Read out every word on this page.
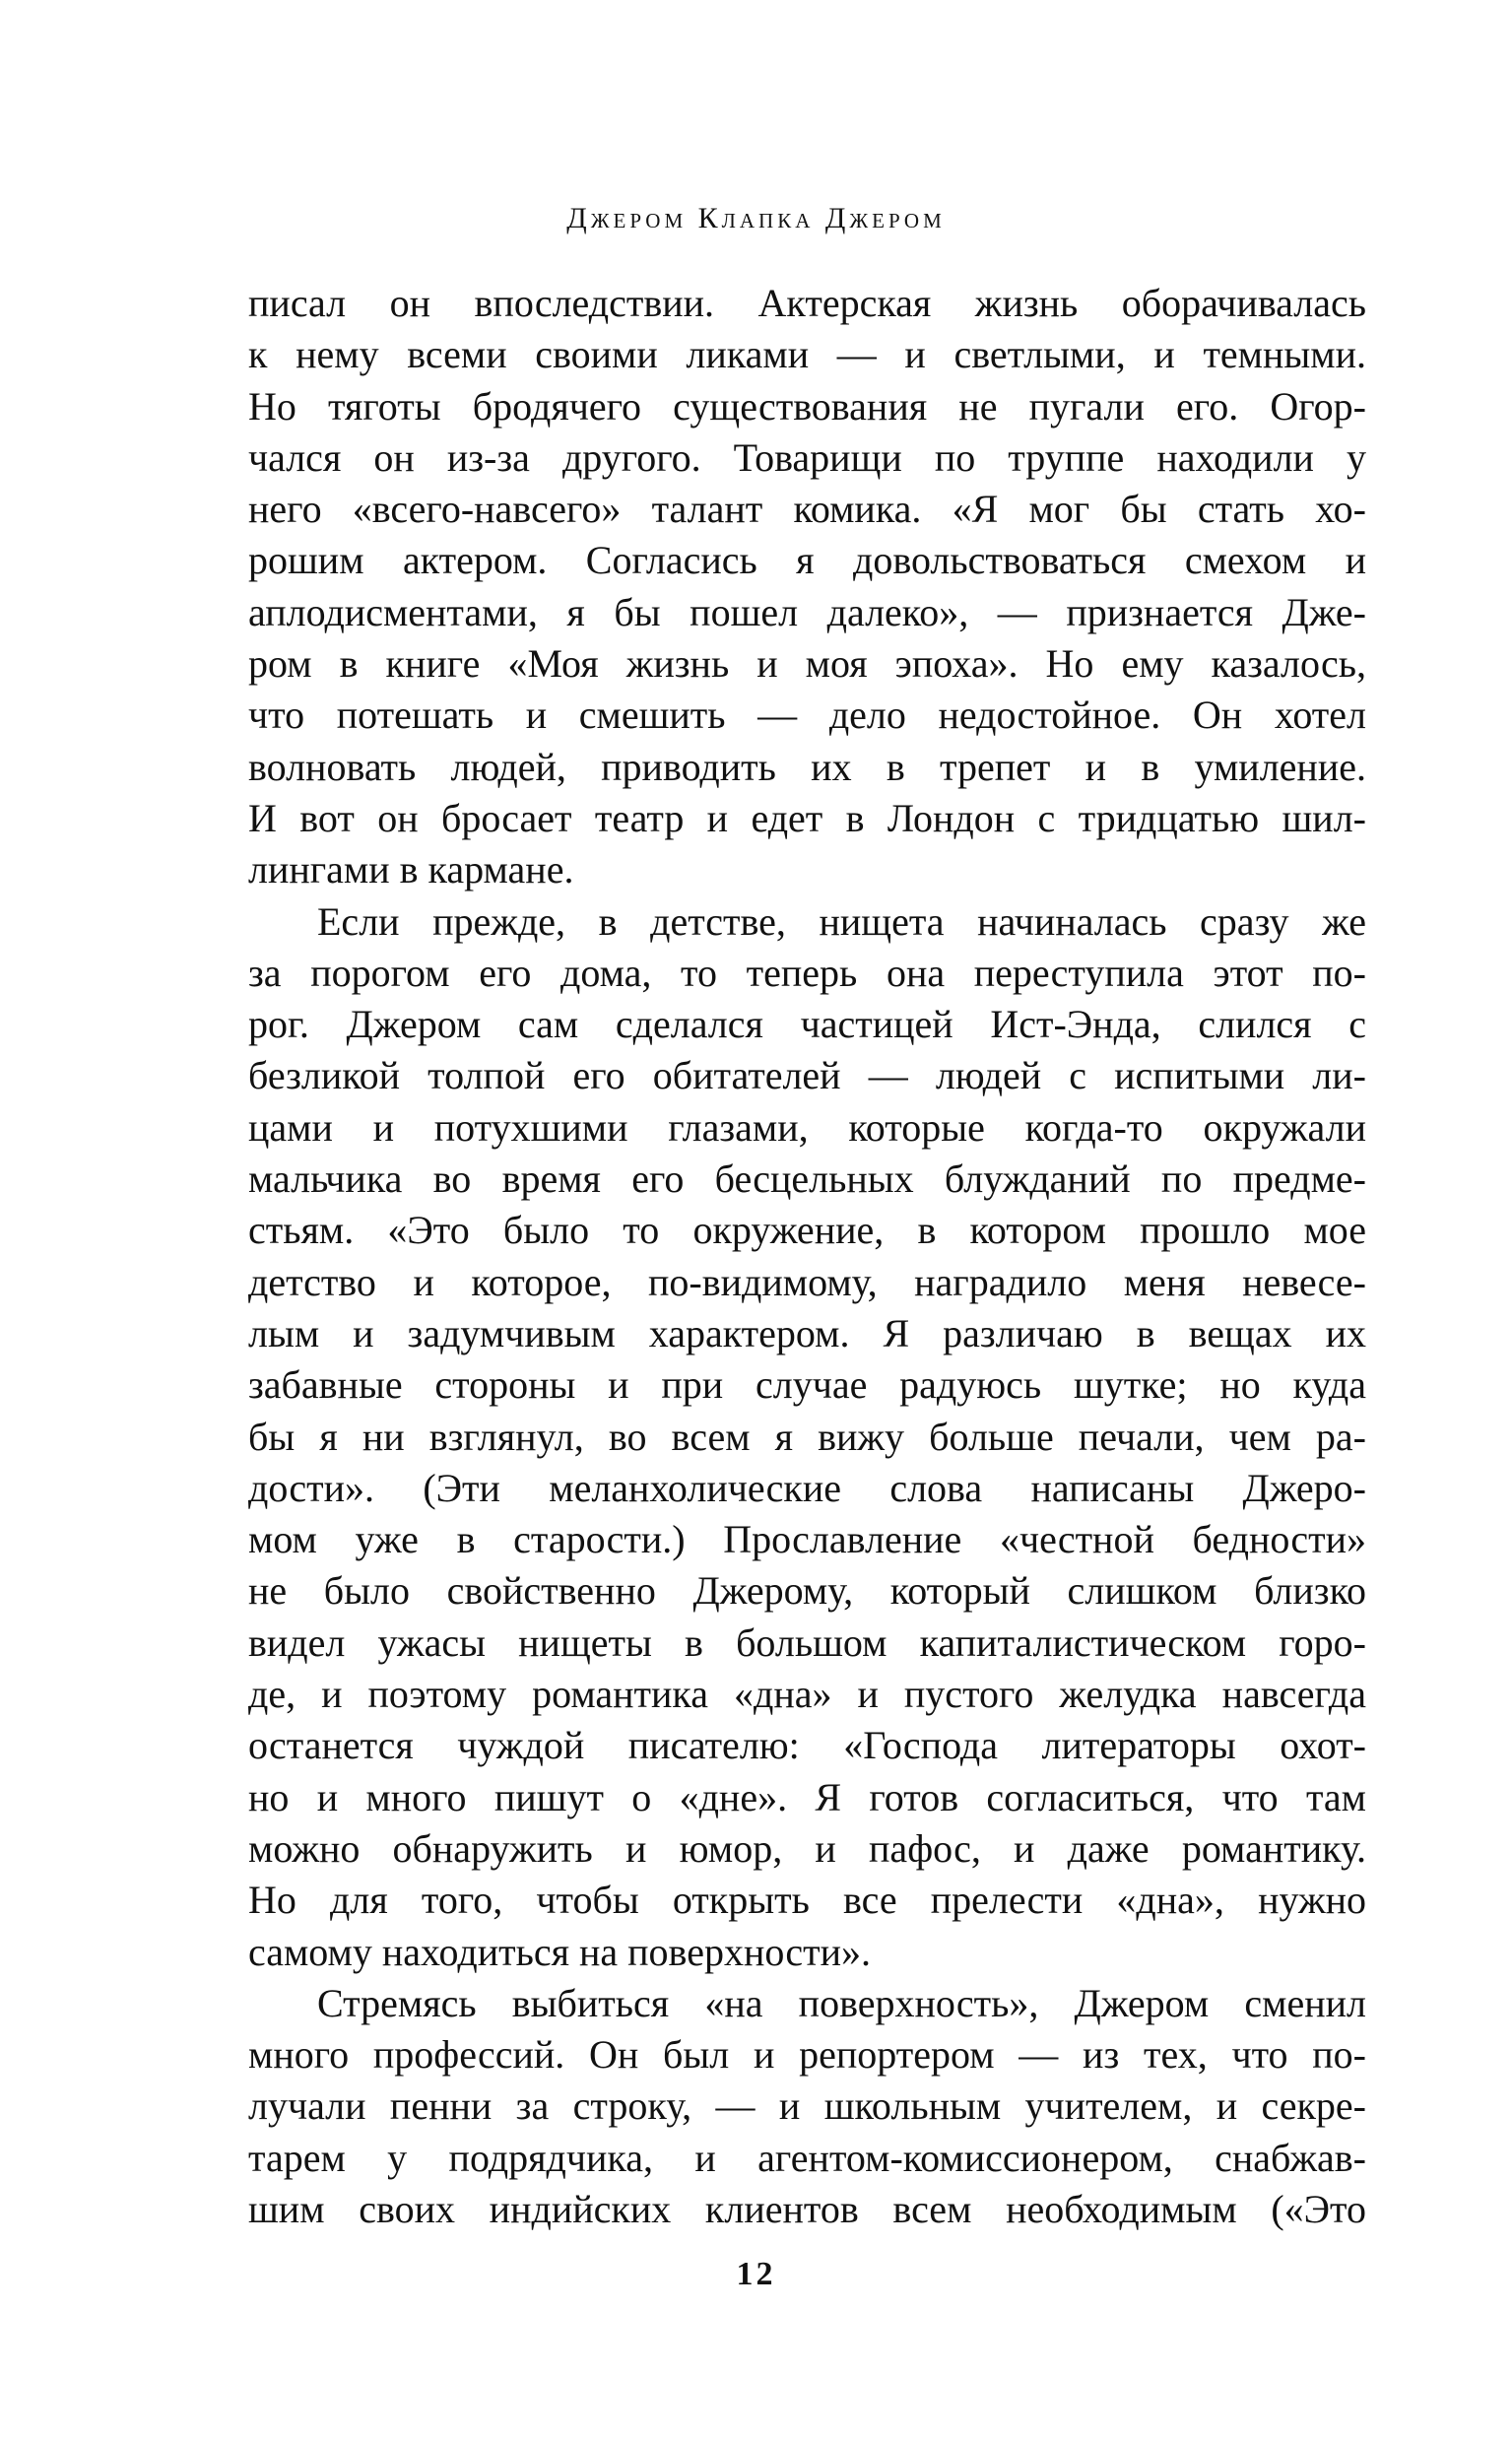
Джером Клапка Джером
писал он впоследствии. Актерская жизнь оборачивалась
к нему всеми своими ликами — и светлыми, и темными.
Но тяготы бродячего существования не пугали его. Огор-
чался он из-за другого. Товарищи по труппе находили у
него «всего-навсего» талант комика. «Я мог бы стать хо-
рошим актером. Согласись я довольствоваться смехом и
аплодисментами, я бы пошел далеко», — признается Дже-
ром в книге «Моя жизнь и моя эпоха». Но ему казалось,
что потешать и смешить — дело недостойное. Он хотел
волновать людей, приводить их в трепет и в умиление.
И вот он бросает театр и едет в Лондон с тридцатью шил-
лингами в кармане.
Если прежде, в детстве, нищета начиналась сразу же
за порогом его дома, то теперь она переступила этот по-
рог. Джером сам сделался частицей Ист-Энда, слился с
безликой толпой его обитателей — людей с испитыми ли-
цами и потухшими глазами, которые когда-то окружали
мальчика во время его бесцельных блужданий по предме-
стьям. «Это было то окружение, в котором прошло мое
детство и которое, по-видимому, наградило меня невесе-
лым и задумчивым характером. Я различаю в вещах их
забавные стороны и при случае радуюсь шутке; но куда
бы я ни взглянул, во всем я вижу больше печали, чем ра-
дости». (Эти меланхолические слова написаны Джеро-
мом уже в старости.) Прославление «честной бедности»
не было свойственно Джерому, который слишком близко
видел ужасы нищеты в большом капиталистическом горо-
де, и поэтому романтика «дна» и пустого желудка навсегда
останется чуждой писателю: «Господа литераторы охот-
но и много пишут о «дне». Я готов согласиться, что там
можно обнаружить и юмор, и пафос, и даже романтику.
Но для того, чтобы открыть все прелести «дна», нужно
самому находиться на поверхности».
Стремясь выбиться «на поверхность», Джером сменил
много профессий. Он был и репортером — из тех, что по-
лучали пенни за строку, — и школьным учителем, и секре-
тарем у подрядчика, и агентом-комиссионером, снабжав-
шим своих индийских клиентов всем необходимым («Это
12
